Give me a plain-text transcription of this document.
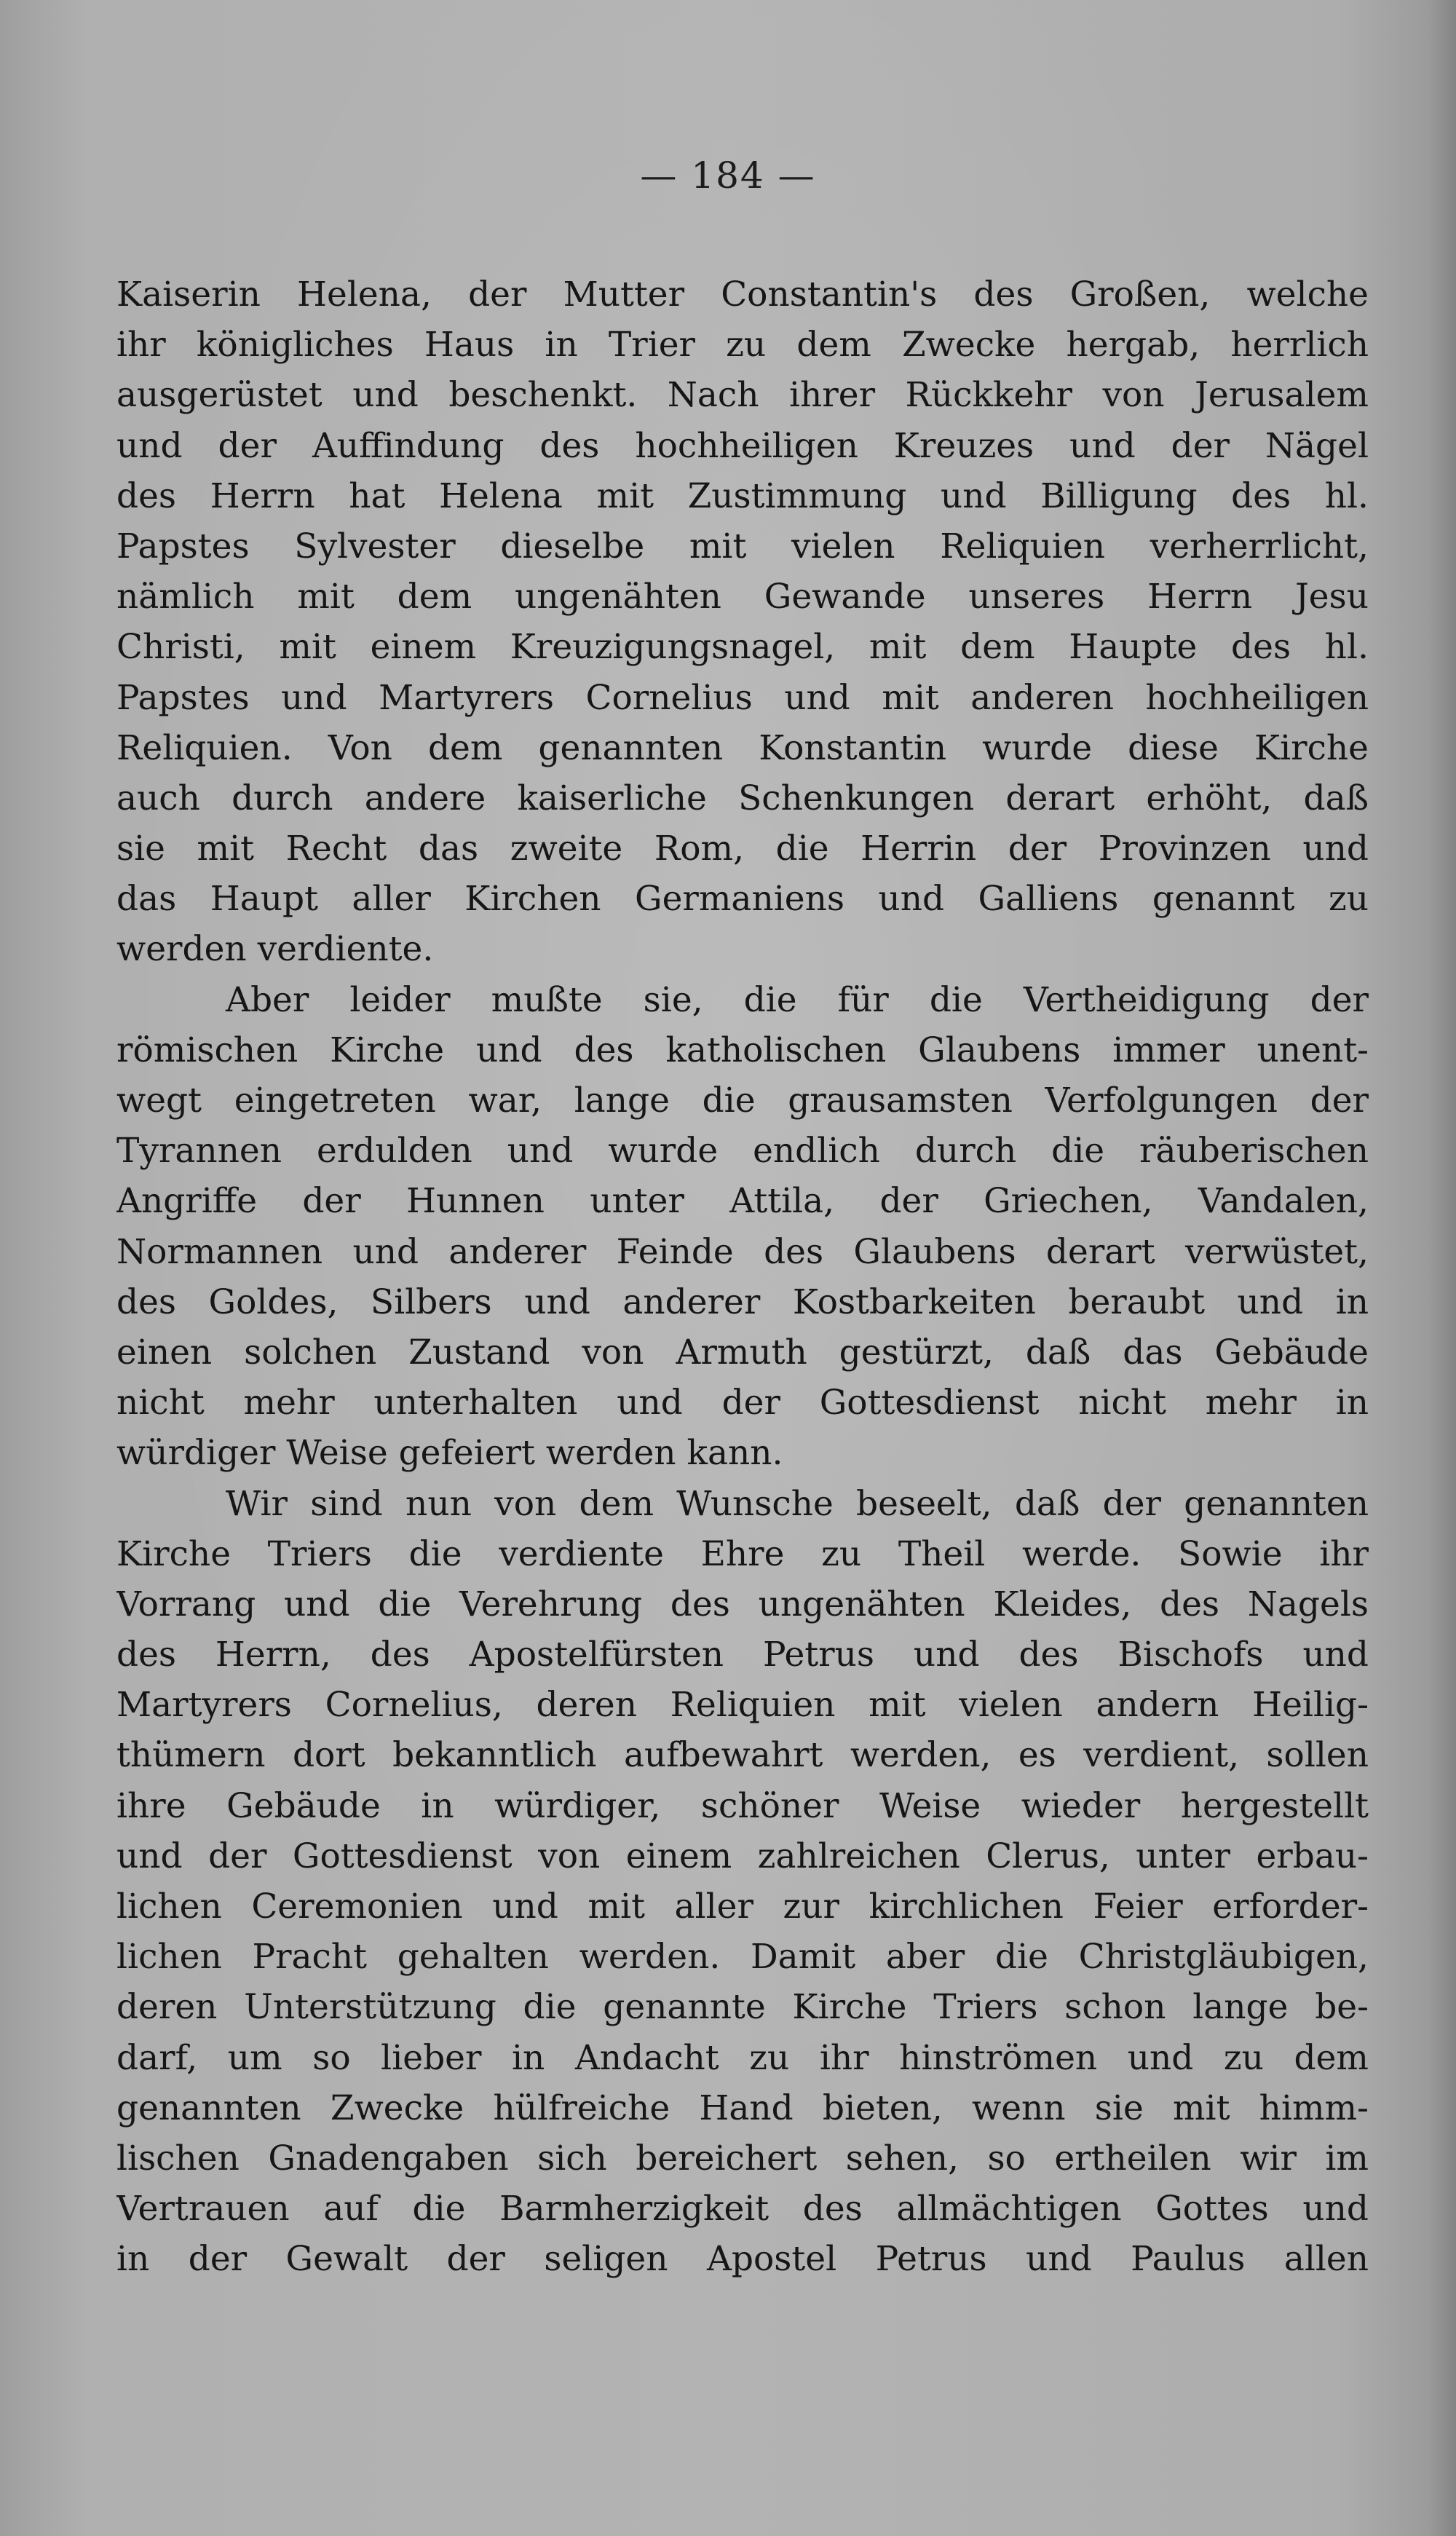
— 184 —
Kaiserin Helena, der Mutter Constantin's des Großen, welche
ihr königliches Haus in Trier zu dem Zwecke hergab, herrlich
ausgerüstet und beschenkt. Nach ihrer Rückkehr von Jerusalem
und der Auffindung des hochheiligen Kreuzes und der Nägel
des Herrn hat Helena mit Zustimmung und Billigung des hl.
Papstes Sylvester dieselbe mit vielen Reliquien verherrlicht,
nämlich mit dem ungenähten Gewande unseres Herrn Jesu
Christi, mit einem Kreuzigungsnagel, mit dem Haupte des hl.
Papstes und Martyrers Cornelius und mit anderen hochheiligen
Reliquien. Von dem genannten Konstantin wurde diese Kirche
auch durch andere kaiserliche Schenkungen derart erhöht, daß
sie mit Recht das zweite Rom, die Herrin der Provinzen und
das Haupt aller Kirchen Germaniens und Galliens genannt zu
werden verdiente.
Aber leider mußte sie, die für die Vertheidigung der
römischen Kirche und des katholischen Glaubens immer unent-
wegt eingetreten war, lange die grausamsten Verfolgungen der
Tyrannen erdulden und wurde endlich durch die räuberischen
Angriffe der Hunnen unter Attila, der Griechen, Vandalen,
Normannen und anderer Feinde des Glaubens derart verwüstet,
des Goldes, Silbers und anderer Kostbarkeiten beraubt und in
einen solchen Zustand von Armuth gestürzt, daß das Gebäude
nicht mehr unterhalten und der Gottesdienst nicht mehr in
würdiger Weise gefeiert werden kann.
Wir sind nun von dem Wunsche beseelt, daß der genannten
Kirche Triers die verdiente Ehre zu Theil werde. Sowie ihr
Vorrang und die Verehrung des ungenähten Kleides, des Nagels
des Herrn, des Apostelfürsten Petrus und des Bischofs und
Martyrers Cornelius, deren Reliquien mit vielen andern Heilig-
thümern dort bekanntlich aufbewahrt werden, es verdient, sollen
ihre Gebäude in würdiger, schöner Weise wieder hergestellt
und der Gottesdienst von einem zahlreichen Clerus, unter erbau-
lichen Ceremonien und mit aller zur kirchlichen Feier erforder-
lichen Pracht gehalten werden. Damit aber die Christgläubigen,
deren Unterstützung die genannte Kirche Triers schon lange be-
darf, um so lieber in Andacht zu ihr hinströmen und zu dem
genannten Zwecke hülfreiche Hand bieten, wenn sie mit himm-
lischen Gnadengaben sich bereichert sehen, so ertheilen wir im
Vertrauen auf die Barmherzigkeit des allmächtigen Gottes und
in der Gewalt der seligen Apostel Petrus und Paulus allen
